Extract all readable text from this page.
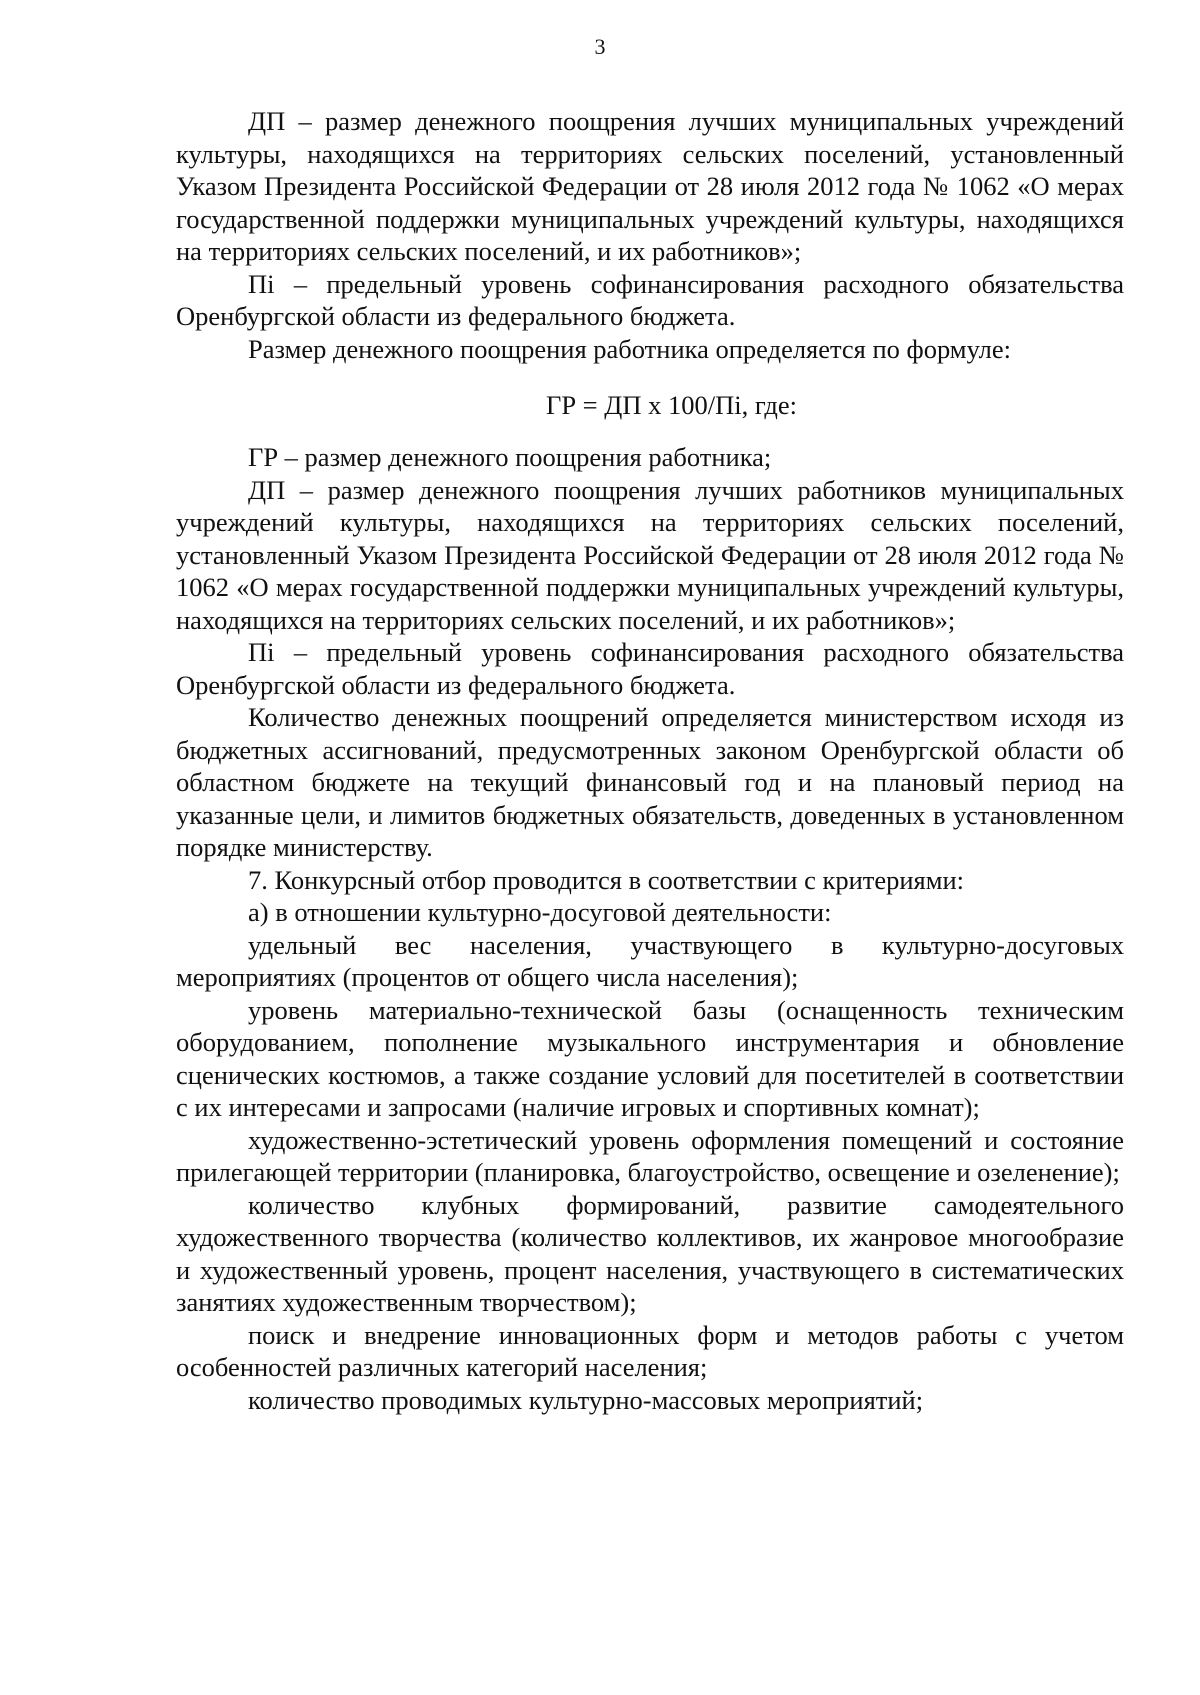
3

ДП – размер денежного поощрения лучших муниципальных учреждений культуры, находящихся на территориях сельских поселений, установленный Указом Президента Российской Федерации от 28 июля 2012 года № 1062 «О мерах государственной поддержки муниципальных учреждений культуры, находящихся на территориях сельских поселений, и их работников»;

Пi – предельный уровень софинансирования расходного обязательства Оренбургской области из федерального бюджета.

Размер денежного поощрения работника определяется по формуле:

ГР = ДП х 100/Пi, где:

ГР – размер денежного поощрения работника;

ДП – размер денежного поощрения лучших работников муниципальных учреждений культуры, находящихся на территориях сельских поселений, установленный Указом Президента Российской Федерации от 28 июля 2012 года № 1062 «О мерах государственной поддержки муниципальных учреждений культуры, находящихся на территориях сельских поселений, и их работников»;

Пi – предельный уровень софинансирования расходного обязательства Оренбургской области из федерального бюджета.

Количество денежных поощрений определяется министерством исходя из бюджетных ассигнований, предусмотренных законом Оренбургской области об областном бюджете на текущий финансовый год и на плановый период на указанные цели, и лимитов бюджетных обязательств, доведенных в установленном порядке министерству.

7. Конкурсный отбор проводится в соответствии с критериями:

а) в отношении культурно-досуговой деятельности:

удельный вес населения, участвующего в культурно-досуговых мероприятиях (процентов от общего числа населения);

уровень материально-технической базы (оснащенность техническим оборудованием, пополнение музыкального инструментария и обновление сценических костюмов, а также создание условий для посетителей в соответствии с их интересами и запросами (наличие игровых и спортивных комнат);

художественно-эстетический уровень оформления помещений и состояние прилегающей территории (планировка, благоустройство, освещение и озеленение);

количество клубных формирований, развитие самодеятельного художественного творчества (количество коллективов, их жанровое многообразие и художественный уровень, процент населения, участвующего в систематических занятиях художественным творчеством);

поиск и внедрение инновационных форм и методов работы с учетом особенностей различных категорий населения;

количество проводимых культурно-массовых мероприятий;
